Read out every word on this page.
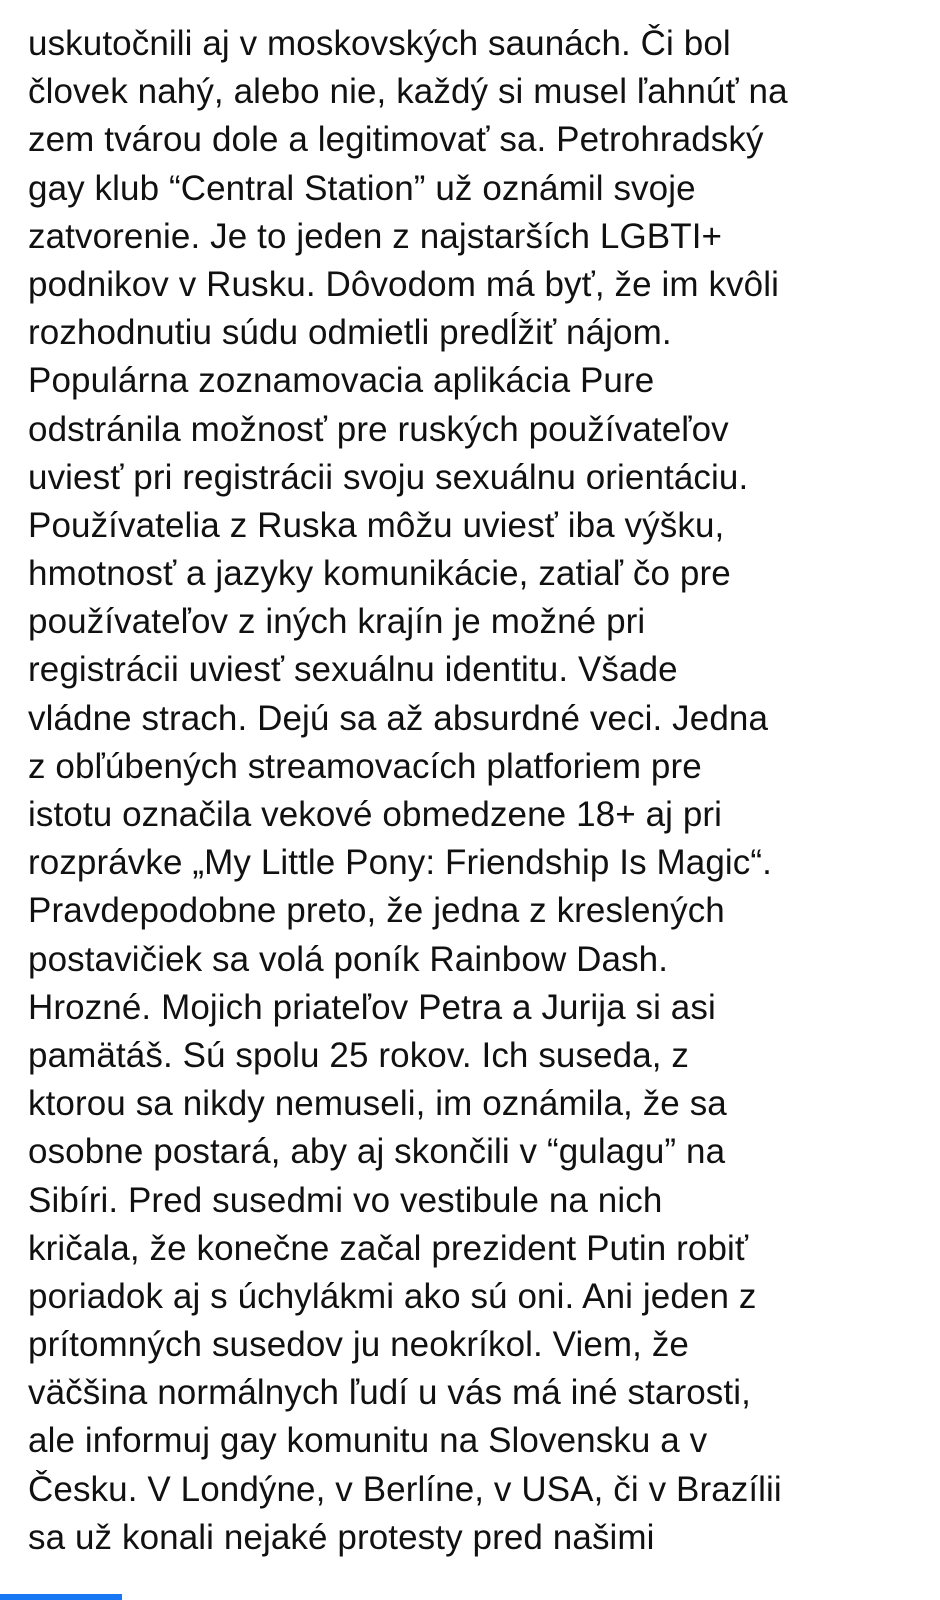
uskutočnili aj v moskovských saunách. Či bol
človek nahý, alebo nie, každý si musel ľahnúť na
zem tvárou dole a legitimovať sa. Petrohradský
gay klub “Central Station” už oznámil svoje
zatvorenie. Je to jeden z najstarších LGBTI+
podnikov v Rusku. Dôvodom má byť, že im kvôli
rozhodnutiu súdu odmietli predĺžiť nájom.
Populárna zoznamovacia aplikácia Pure
odstránila možnosť pre ruských používateľov
uviesť pri registrácii svoju sexuálnu orientáciu.
Používatelia z Ruska môžu uviesť iba výšku,
hmotnosť a jazyky komunikácie, zatiaľ čo pre
používateľov z iných krajín je možné pri
registrácii uviesť sexuálnu identitu. Všade
vládne strach. Dejú sa až absurdné veci. Jedna
z obľúbených streamovacích platforiem pre
istotu označila vekové obmedzene 18+ aj pri
rozprávke „My Little Pony: Friendship Is Magic“.
Pravdepodobne preto, že jedna z kreslených
postavičiek sa volá poník Rainbow Dash.
Hrozné. Mojich priateľov Petra a Jurija si asi
pamätáš. Sú spolu 25 rokov. Ich suseda, z
ktorou sa nikdy nemuseli, im oznámila, že sa
osobne postará, aby aj skončili v “gulagu” na
Sibíri. Pred susedmi vo vestibule na nich
kričala, že konečne začal prezident Putin robiť
poriadok aj s úchylákmi ako sú oni. Ani jeden z
prítomných susedov ju neokríkol. Viem, že
väčšina normálnych ľudí u vás má iné starosti,
ale informuj gay komunitu na Slovensku a v
Česku. V Londýne, v Berlíne, v USA, či v Brazílii
sa už konali nejaké protesty pred našimi
